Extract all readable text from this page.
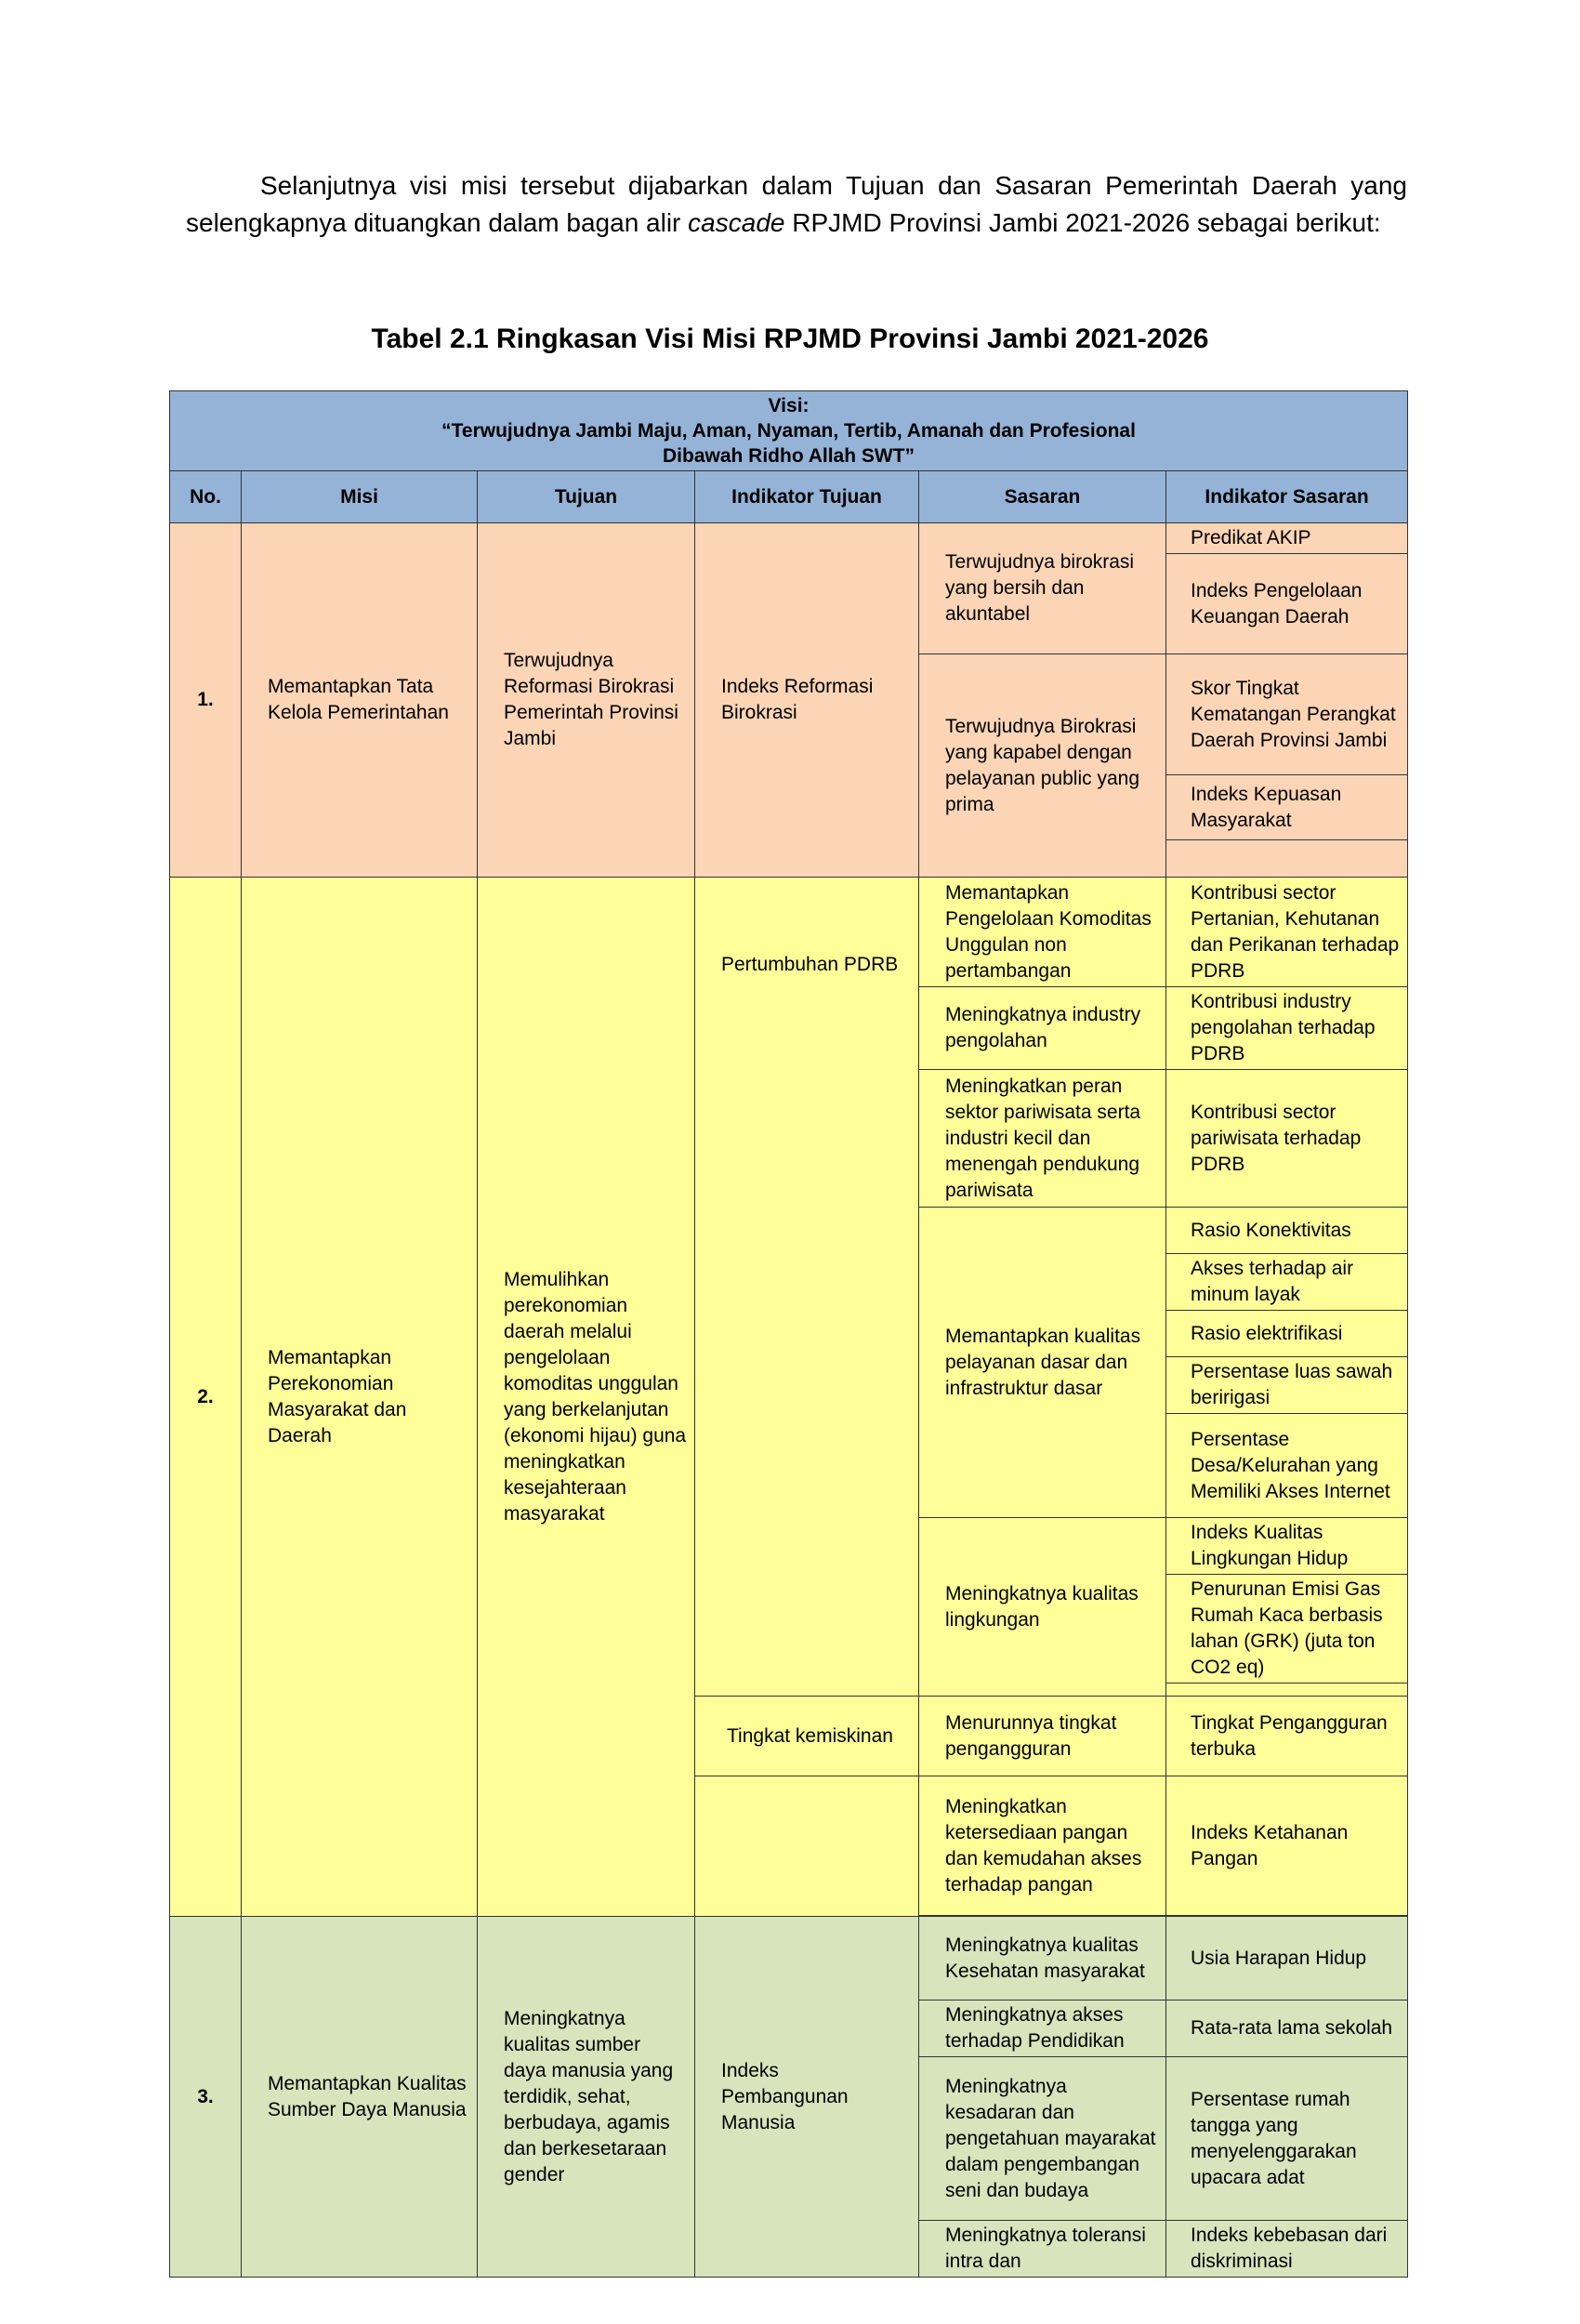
Selanjutnya visi misi tersebut dijabarkan dalam Tujuan dan Sasaran Pemerintah Daerah yang selengkapnya dituangkan dalam bagan alir cascade RPJMD Provinsi Jambi 2021-2026 sebagai berikut:

Tabel 2.1 Ringkasan Visi Misi RPJMD Provinsi Jambi 2021-2026
Visi:
“Terwujudnya Jambi Maju, Aman, Nyaman, Tertib, Amanah dan Profesional
Dibawah Ridho Allah SWT”					

No.	Misi	Tujuan	Indikator Tujuan	Sasaran	Indikator Sasaran
1.	Memantapkan Tata Kelola Pemerintahan	Terwujudnya Reformasi Birokrasi Pemerintah Provinsi Jambi	Indeks Reformasi Birokrasi	Terwujudnya birokrasi yang bersih dan akuntabel	Predikat AKIP
					Indeks Pengelolaan Keuangan Daerah
				Terwujudnya Birokrasi yang kapabel dengan pelayanan public yang prima	Skor Tingkat Kematangan Perangkat Daerah Provinsi Jambi
					Indeks Kepuasan Masyarakat

2.	Memantapkan Perekonomian Masyarakat dan Daerah	Memulihkan perekonomian daerah melalui pengelolaan komoditas unggulan yang berkelanjutan (ekonomi hijau) guna meningkatkan kesejahteraan masyarakat	Pertumbuhan PDRB	Memantapkan Pengelolaan Komoditas Unggulan non pertambangan	Kontribusi sector Pertanian, Kehutanan dan Perikanan terhadap PDRB
				Meningkatnya industry pengolahan	Kontribusi industry pengolahan terhadap PDRB
				Meningkatkan peran sektor pariwisata serta industri kecil dan menengah pendukung pariwisata	Kontribusi sector pariwisata terhadap PDRB
				Memantapkan kualitas pelayanan dasar dan infrastruktur dasar	Rasio Konektivitas
					Akses terhadap air minum layak
					Rasio elektrifikasi
					Persentase luas sawah beririgasi
					Persentase Desa/Kelurahan yang Memiliki Akses Internet
				Meningkatnya kualitas lingkungan	Indeks Kualitas Lingkungan Hidup
					Penurunan Emisi Gas Rumah Kaca berbasis lahan (GRK) (juta ton CO2 eq)

			Tingkat kemiskinan	Menurunnya tingkat pengangguran	Tingkat Pengangguran terbuka
				Meningkatkan ketersediaan pangan dan kemudahan akses terhadap pangan	Indeks Ketahanan Pangan

3.	Memantapkan Kualitas Sumber Daya Manusia	Meningkatnya kualitas sumber daya manusia yang terdidik, sehat, berbudaya, agamis dan berkesetaraan gender	Indeks Pembangunan Manusia	Meningkatnya kualitas Kesehatan masyarakat	Usia Harapan Hidup
				Meningkatnya akses terhadap Pendidikan	Rata-rata lama sekolah
				Meningkatnya kesadaran dan pengetahuan mayarakat dalam pengembangan seni dan budaya	Persentase rumah tangga yang menyelenggarakan upacara adat
				Meningkatnya toleransi intra dan	Indeks kebebasan dari diskriminasi
